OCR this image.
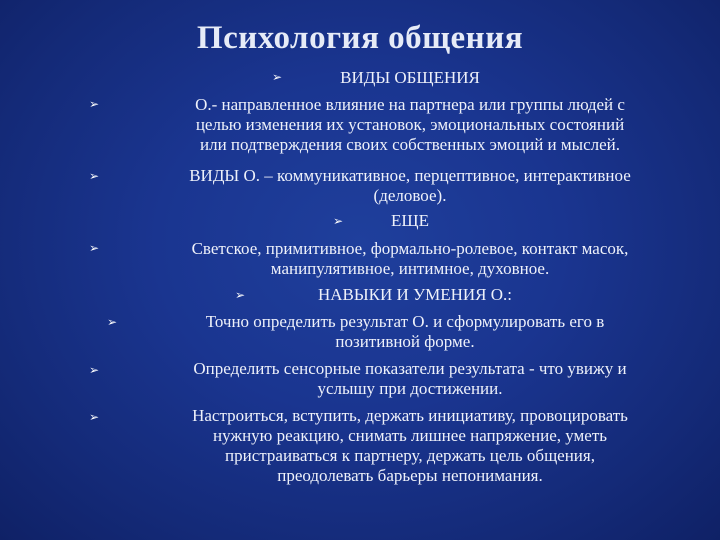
Психология общения
➢	ВИДЫ ОБЩЕНИЯ
➢	О.- направленное влияние на партнера или группы людей с
целью изменения их установок, эмоциональных состояний
или подтверждения своих собственных эмоций и мыслей.
➢	ВИДЫ О. – коммуникативное, перцептивное, интерактивное
(деловое).
➢	ЕЩЕ
➢	Светское, примитивное, формально-ролевое, контакт масок,
манипулятивное, интимное, духовное.
➢	НАВЫКИ И УМЕНИЯ О.:
➢	Точно определить результат О. и сформулировать его в
позитивной форме.
➢	Определить сенсорные показатели результата - что увижу и
услышу при достижении.
➢	Настроиться, вступить, держать инициативу, провоцировать
нужную реакцию, снимать лишнее напряжение, уметь
пристраиваться к партнеру, держать цель общения,
преодолевать барьеры непонимания.
